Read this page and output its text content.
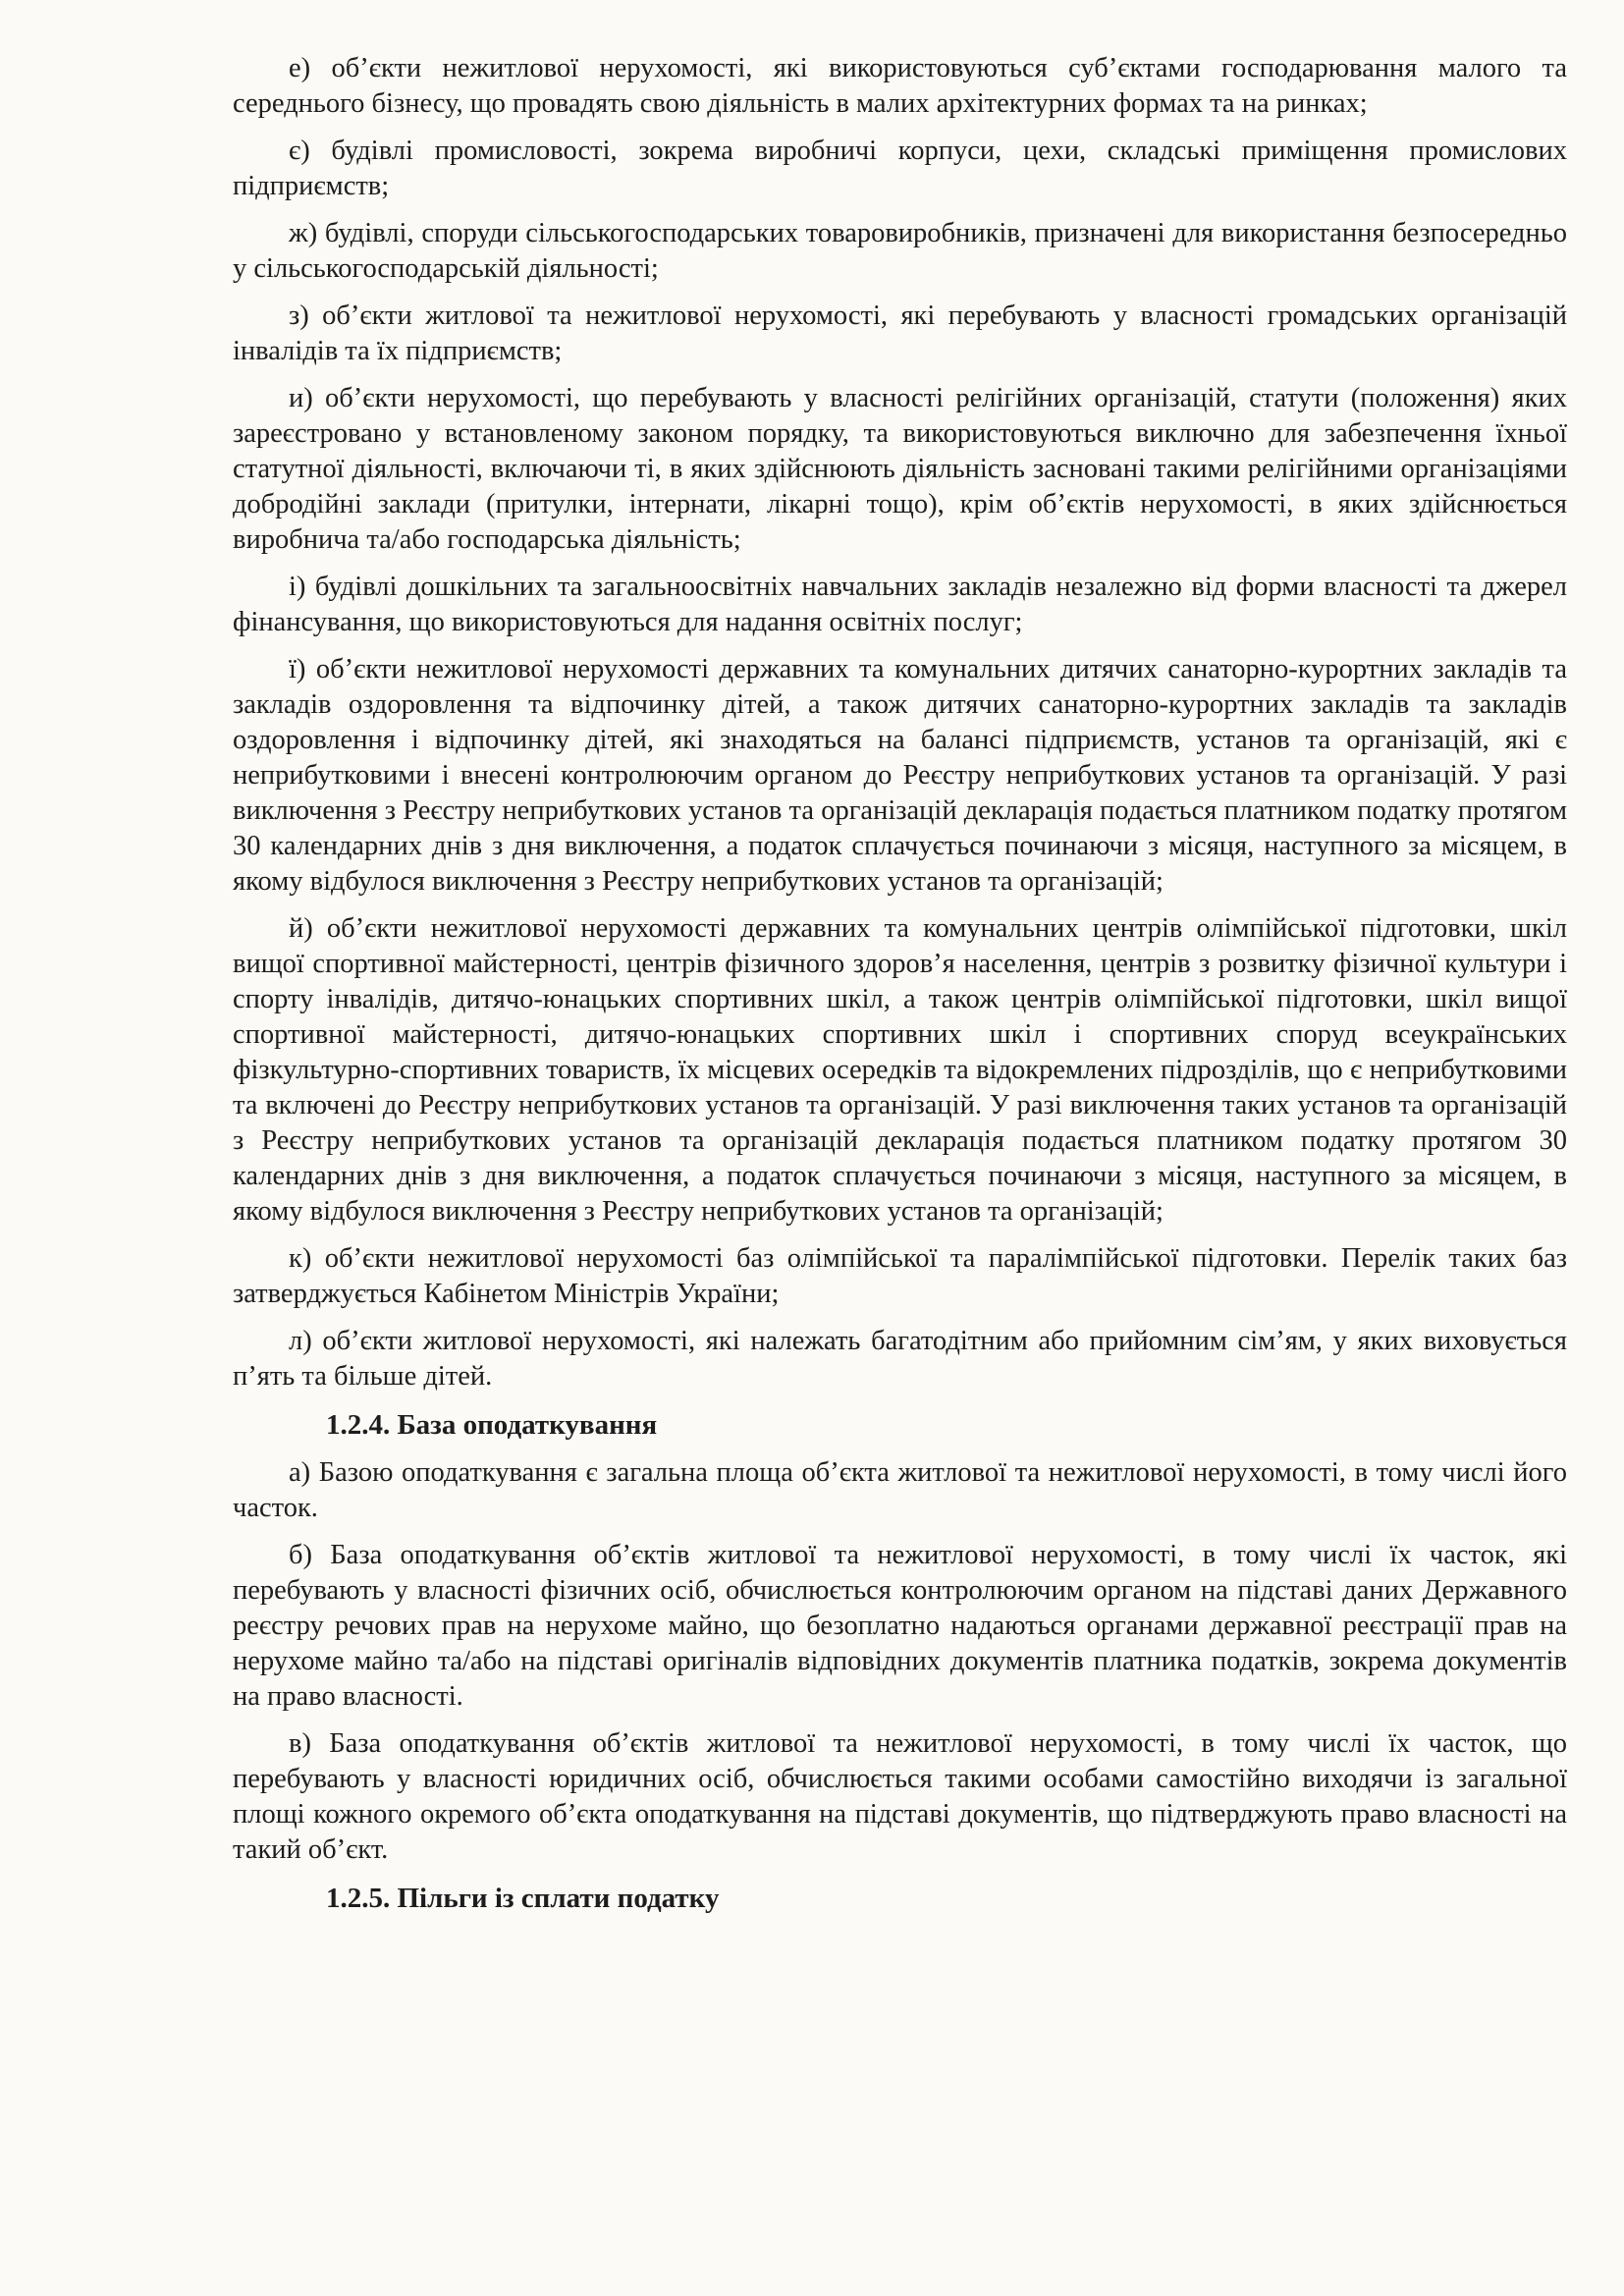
е) об’єкти нежитлової нерухомості, які використовуються суб’єктами господарювання малого та середнього бізнесу, що провадять свою діяльність в малих архітектурних формах та на ринках;

є) будівлі промисловості, зокрема виробничі корпуси, цехи, складські приміщення промислових підприємств;

ж) будівлі, споруди сільськогосподарських товаровиробників, призначені для використання безпосередньо у сільськогосподарській діяльності;

з) об’єкти житлової та нежитлової нерухомості, які перебувають у власності громадських організацій інвалідів та їх підприємств;

и) об’єкти нерухомості, що перебувають у власності релігійних організацій, статути (положення) яких зареєстровано у встановленому законом порядку, та використовуються виключно для забезпечення їхньої статутної діяльності, включаючи ті, в яких здійснюють діяльність засновані такими релігійними організаціями добродійні заклади (притулки, інтернати, лікарні тощо), крім об’єктів нерухомості, в яких здійснюється виробнича та/або господарська діяльність;

і) будівлі дошкільних та загальноосвітніх навчальних закладів незалежно від форми власності та джерел фінансування, що використовуються для надання освітніх послуг;

ї) об’єкти нежитлової нерухомості державних та комунальних дитячих санаторно-курортних закладів та закладів оздоровлення та відпочинку дітей, а також дитячих санаторно-курортних закладів та закладів оздоровлення і відпочинку дітей, які знаходяться на балансі підприємств, установ та організацій, які є неприбутковими і внесені контролюючим органом до Реєстру неприбуткових установ та організацій. У разі виключення з Реєстру неприбуткових установ та організацій декларація подається платником податку протягом 30 календарних днів з дня виключення, а податок сплачується починаючи з місяця, наступного за місяцем, в якому відбулося виключення з Реєстру неприбуткових установ та організацій;

й) об’єкти нежитлової нерухомості державних та комунальних центрів олімпійської підготовки, шкіл вищої спортивної майстерності, центрів фізичного здоров’я населення, центрів з розвитку фізичної культури і спорту інвалідів, дитячо-юнацьких спортивних шкіл, а також центрів олімпійської підготовки, шкіл вищої спортивної майстерності, дитячо-юнацьких спортивних шкіл і спортивних споруд всеукраїнських фізкультурно-спортивних товариств, їх місцевих осередків та відокремлених підрозділів, що є неприбутковими та включені до Реєстру неприбуткових установ та організацій. У разі виключення таких установ та організацій з Реєстру неприбуткових установ та організацій декларація подається платником податку протягом 30 календарних днів з дня виключення, а податок сплачується починаючи з місяця, наступного за місяцем, в якому відбулося виключення з Реєстру неприбуткових установ та організацій;

к) об’єкти нежитлової нерухомості баз олімпійської та паралімпійської підготовки. Перелік таких баз затверджується Кабінетом Міністрів України;

л) об’єкти житлової нерухомості, які належать багатодітним або прийомним сім’ям, у яких виховується п’ять та більше дітей.

1.2.4. База оподаткування

а) Базою оподаткування є загальна площа об’єкта житлової та нежитлової нерухомості, в тому числі його часток.

б) База оподаткування об’єктів житлової та нежитлової нерухомості, в тому числі їх часток, які перебувають у власності фізичних осіб, обчислюється контролюючим органом на підставі даних Державного реєстру речових прав на нерухоме майно, що безоплатно надаються органами державної реєстрації прав на нерухоме майно та/або на підставі оригіналів відповідних документів платника податків, зокрема документів на право власності.

в) База оподаткування об’єктів житлової та нежитлової нерухомості, в тому числі їх часток, що перебувають у власності юридичних осіб, обчислюється такими особами самостійно виходячи із загальної площі кожного окремого об’єкта оподаткування на підставі документів, що підтверджують право власності на такий об’єкт.

1.2.5. Пільги із сплати податку
